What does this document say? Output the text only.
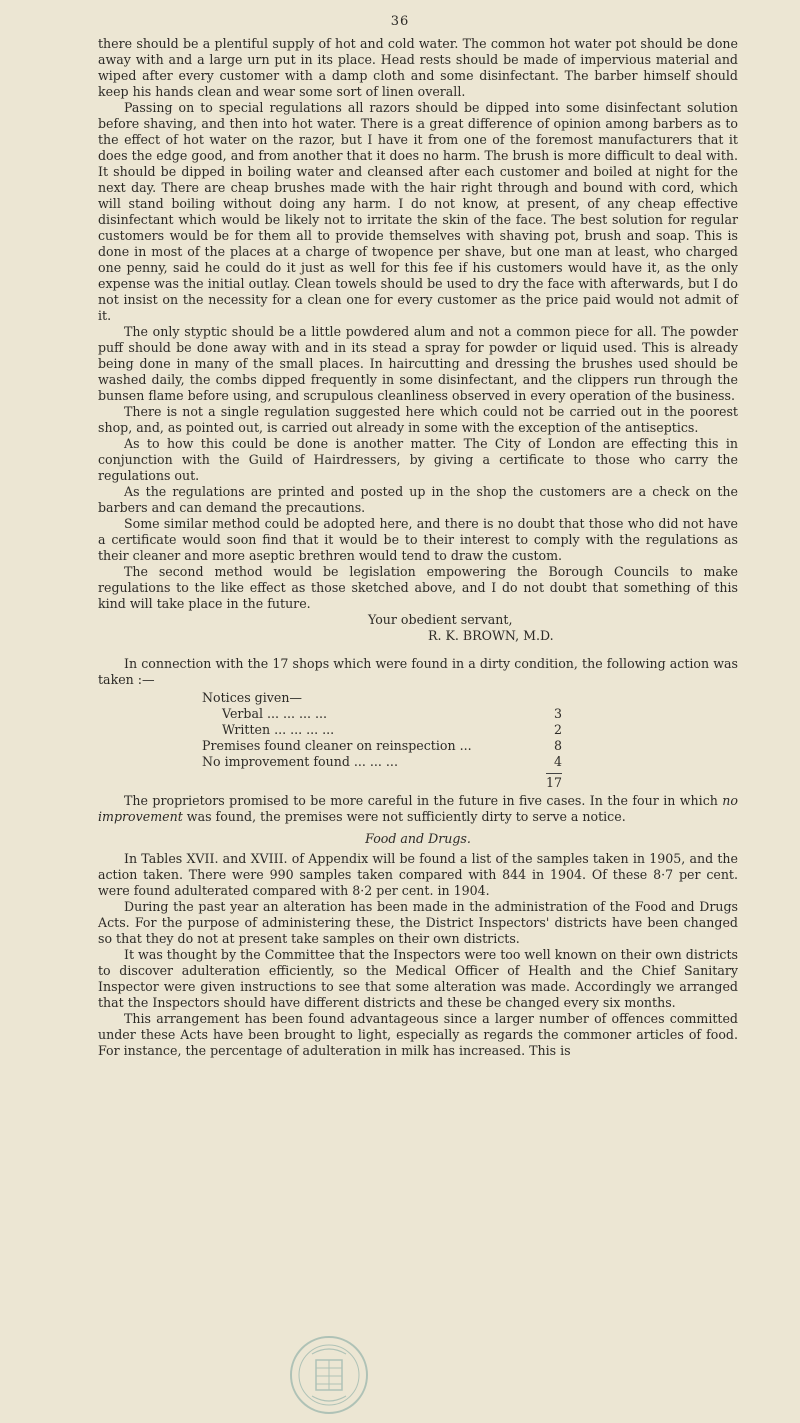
36

there should be a plentiful supply of hot and cold water. The common hot water pot should be done away with and a large urn put in its place. Head rests should be made of impervious material and wiped after every customer with a damp cloth and some disinfectant. The barber himself should keep his hands clean and wear some sort of linen overall.

Passing on to special regulations all razors should be dipped into some disinfectant solution before shaving, and then into hot water. There is a great difference of opinion among barbers as to the effect of hot water on the razor, but I have it from one of the foremost manufacturers that it does the edge good, and from another that it does no harm. The brush is more difficult to deal with. It should be dipped in boiling water and cleansed after each customer and boiled at night for the next day. There are cheap brushes made with the hair right through and bound with cord, which will stand boiling without doing any harm. I do not know, at present, of any cheap effective disinfectant which would be likely not to irritate the skin of the face. The best solution for regular customers would be for them all to provide themselves with shaving pot, brush and soap. This is done in most of the places at a charge of twopence per shave, but one man at least, who charged one penny, said he could do it just as well for this fee if his customers would have it, as the only expense was the initial outlay. Clean towels should be used to dry the face with afterwards, but I do not insist on the necessity for a clean one for every customer as the price paid would not admit of it.

The only styptic should be a little powdered alum and not a common piece for all. The powder puff should be done away with and in its stead a spray for powder or liquid used. This is already being done in many of the small places. In haircutting and dressing the brushes used should be washed daily, the combs dipped frequently in some disinfectant, and the clippers run through the bunsen flame before using, and scrupulous cleanliness observed in every operation of the business.

There is not a single regulation suggested here which could not be carried out in the poorest shop, and, as pointed out, is carried out already in some with the exception of the antiseptics.

As to how this could be done is another matter. The City of London are effecting this in conjunction with the Guild of Hairdressers, by giving a certificate to those who carry the regulations out.

As the regulations are printed and posted up in the shop the customers are a check on the barbers and can demand the precautions.

Some similar method could be adopted here, and there is no doubt that those who did not have a certificate would soon find that it would be to their interest to comply with the regulations as their cleaner and more aseptic brethren would tend to draw the custom.

The second method would be legislation empowering the Borough Councils to make regulations to the like effect as those sketched above, and I do not doubt that something of this kind will take place in the future.

Your obedient servant,

R. K. BROWN, M.D.

In connection with the 17 shops which were found in a dirty condition, the following action was taken :—

Notices given—
Verbal ... ... ... ...	3
Written ... ... ... ...	2
Premises found cleaner on reinspection ...	8
No improvement found ... ... ...	4
17

The proprietors promised to be more careful in the future in five cases. In the four in which no improvement was found, the premises were not sufficiently dirty to serve a notice.

Food and Drugs.

In Tables XVII. and XVIII. of Appendix will be found a list of the samples taken in 1905, and the action taken. There were 990 samples taken compared with 844 in 1904. Of these 8·7 per cent. were found adulterated compared with 8·2 per cent. in 1904.

During the past year an alteration has been made in the administration of the Food and Drugs Acts. For the purpose of administering these, the District Inspectors' districts have been changed so that they do not at present take samples on their own districts.

It was thought by the Committee that the Inspectors were too well known on their own districts to discover adulteration efficiently, so the Medical Officer of Health and the Chief Sanitary Inspector were given instructions to see that some alteration was made. Accordingly we arranged that the Inspectors should have different districts and these be changed every six months.

This arrangement has been found advantageous since a larger number of offences committed under these Acts have been brought to light, especially as regards the commoner articles of food. For instance, the percentage of adulteration in milk has increased. This is
